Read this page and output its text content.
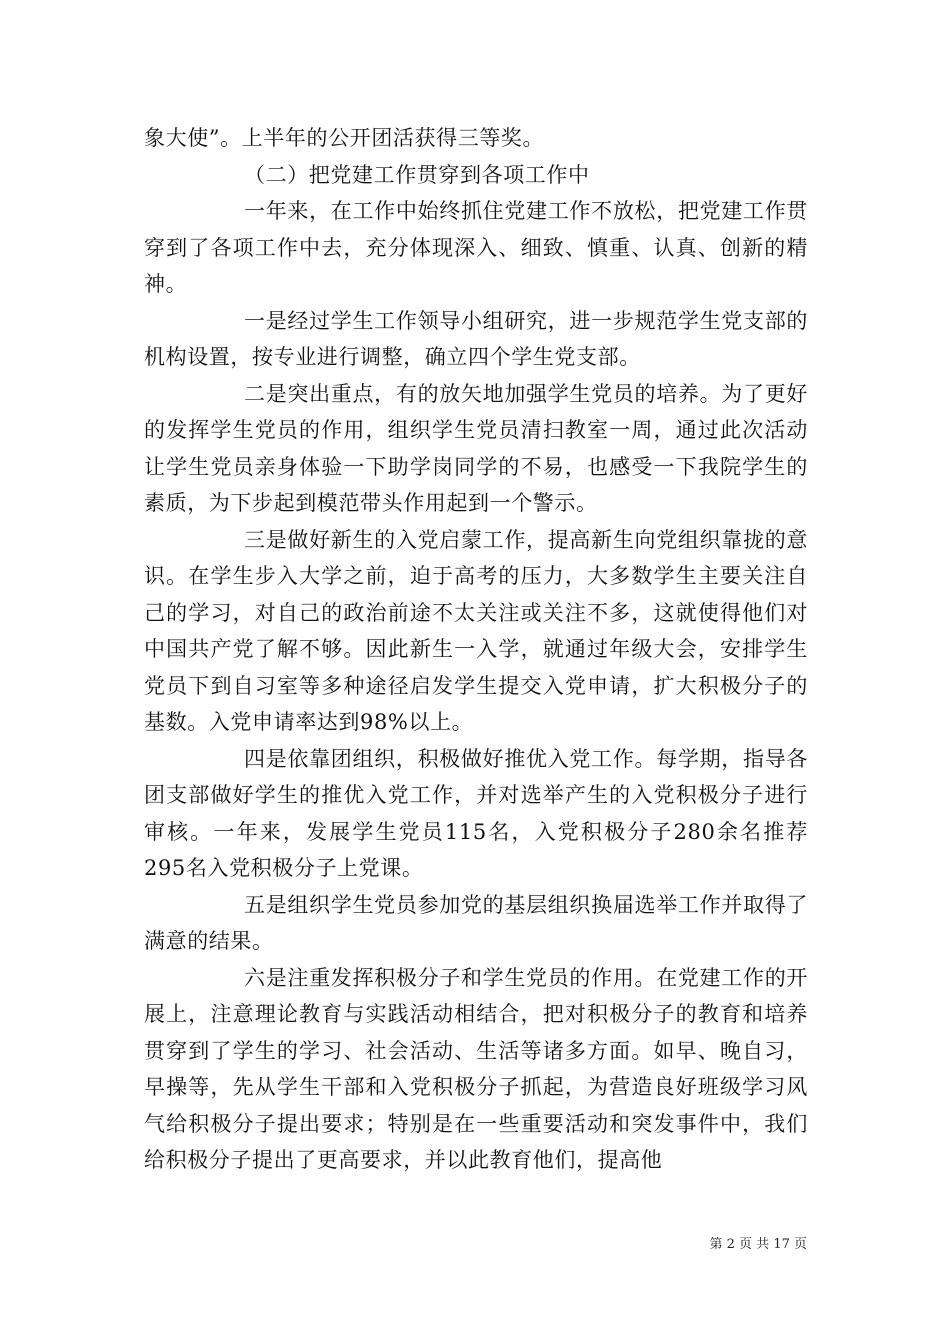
象大使”。上半年的公开团活获得三等奖。

（二）把党建工作贯穿到各项工作中

一年来，在工作中始终抓住党建工作不放松，把党建工作贯穿到了各项工作中去，充分体现深入、细致、慎重、认真、创新的精神。

一是经过学生工作领导小组研究，进一步规范学生党支部的机构设置，按专业进行调整，确立四个学生党支部。

二是突出重点，有的放矢地加强学生党员的培养。为了更好的发挥学生党员的作用，组织学生党员清扫教室一周，通过此次活动让学生党员亲身体验一下助学岗同学的不易，也感受一下我院学生的素质，为下步起到模范带头作用起到一个警示。

三是做好新生的入党启蒙工作，提高新生向党组织靠拢的意识。在学生步入大学之前，迫于高考的压力，大多数学生主要关注自己的学习，对自己的政治前途不太关注或关注不多，这就使得他们对中国共产党了解不够。因此新生一入学，就通过年级大会，安排学生党员下到自习室等多种途径启发学生提交入党申请，扩大积极分子的基数。入党申请率达到98%以上。

四是依靠团组织，积极做好推优入党工作。每学期，指导各团支部做好学生的推优入党工作，并对选举产生的入党积极分子进行审核。一年来，发展学生党员115名，入党积极分子280余名推荐295名入党积极分子上党课。

五是组织学生党员参加党的基层组织换届选举工作并取得了满意的结果。

六是注重发挥积极分子和学生党员的作用。在党建工作的开展上，注意理论教育与实践活动相结合，把对积极分子的教育和培养贯穿到了学生的学习、社会活动、生活等诸多方面。如早、晚自习，早操等，先从学生干部和入党积极分子抓起，为营造良好班级学习风气给积极分子提出要求；特别是在一些重要活动和突发事件中，我们给积极分子提出了更高要求，并以此教育他们，提高他

第 2 页 共 17 页
